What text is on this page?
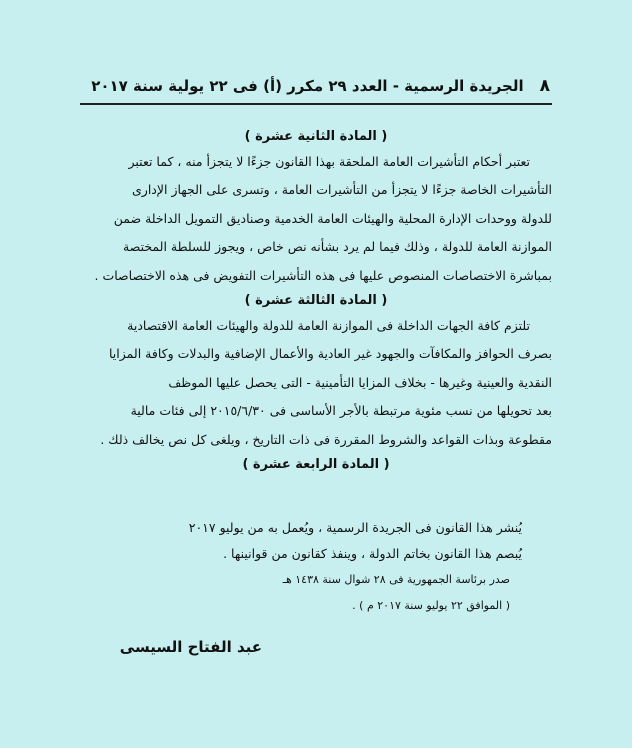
٨
الجريدة الرسمية - العدد ٢٩ مكرر (أ) فى ٢٢ يولية سنة ٢٠١٧

( المادة الثانية عشرة )

تعتبر أحكام التأشيرات العامة الملحقة بهذا القانون جزءًا لا يتجزأ منه ، كما تعتبر

التأشيرات الخاصة جزءًا لا يتجزأ من التأشيرات العامة ، وتسرى على الجهاز الإدارى

للدولة ووحدات الإدارة المحلية والهيئات العامة الخدمية وصناديق التمويل الداخلة ضمن

الموازنة العامة للدولة ، وذلك فيما لم يرد بشأنه نص خاص ، ويجوز للسلطة المختصة

بمباشرة الاختصاصات المنصوص عليها فى هذه التأشيرات التفويض فى هذه الاختصاصات .

( المادة الثالثة عشرة )

تلتزم كافة الجهات الداخلة فى الموازنة العامة للدولة والهيئات العامة الاقتصادية

بصرف الحوافز والمكافآت والجهود غير العادية والأعمال الإضافية والبدلات وكافة المزايا

النقدية والعينية وغيرها - بخلاف المزايا التأمينية - التى يحصل عليها الموظف

بعد تحويلها من نسب مئوية مرتبطة بالأجر الأساسى فى ٢٠١٥/٦/٣٠ إلى فئات مالية

مقطوعة وبذات القواعد والشروط المقررة فى ذات التاريخ ، ويلغى كل نص يخالف ذلك .

( المادة الرابعة عشرة )

يُنشر هذا القانون فى الجريدة الرسمية ، ويُعمل به من يوليو ٢٠١٧

يُبصم هذا القانون بخاتم الدولة ، وينفذ كقانون من قوانينها .

صدر برئاسة الجمهورية فى ٢٨ شوال سنة ١٤٣٨ هـ

( الموافق ٢٢ يوليو سنة ٢٠١٧ م ) .

عبد الفتاح السيسى
